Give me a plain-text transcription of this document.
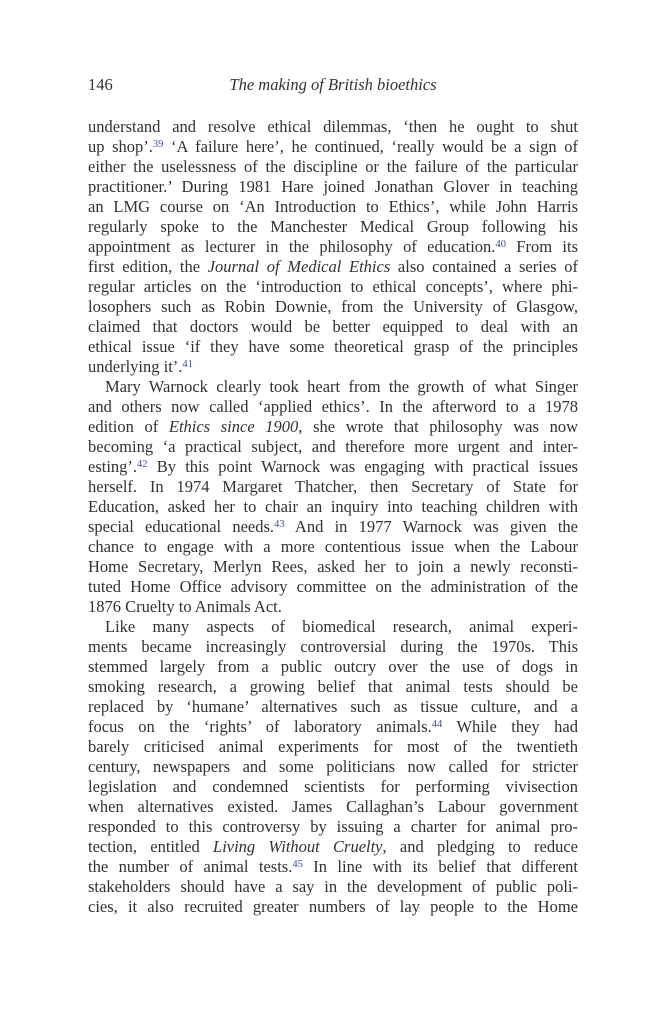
146	The making of British bioethics
understand and resolve ethical dilemmas, ‘then he ought to shut
up shop’.$^{39}$ ‘A failure here’, he continued, ‘really would be a sign of
either the uselessness of the discipline or the failure of the particular
practitioner.’ During 1981 Hare joined Jonathan Glover in teaching
an LMG course on ‘An Introduction to Ethics’, while John Harris
regularly spoke to the Manchester Medical Group following his
appointment as lecturer in the philosophy of education.$^{40}$ From its
first edition, the Journal of Medical Ethics also contained a series of
regular articles on the ‘introduction to ethical concepts’, where phi-
losophers such as Robin Downie, from the University of Glasgow,
claimed that doctors would be better equipped to deal with an
ethical issue ‘if they have some theoretical grasp of the principles
underlying it’.$^{41}$
Mary Warnock clearly took heart from the growth of what Singer
and others now called ‘applied ethics’. In the afterword to a 1978
edition of Ethics since 1900, she wrote that philosophy was now
becoming ‘a practical subject, and therefore more urgent and inter-
esting’.$^{42}$ By this point Warnock was engaging with practical issues
herself. In 1974 Margaret Thatcher, then Secretary of State for
Education, asked her to chair an inquiry into teaching children with
special educational needs.$^{43}$ And in 1977 Warnock was given the
chance to engage with a more contentious issue when the Labour
Home Secretary, Merlyn Rees, asked her to join a newly reconsti-
tuted Home Office advisory committee on the administration of the
1876 Cruelty to Animals Act.
Like many aspects of biomedical research, animal experi-
ments became increasingly controversial during the 1970s. This
stemmed largely from a public outcry over the use of dogs in
smoking research, a growing belief that animal tests should be
replaced by ‘humane’ alternatives such as tissue culture, and a
focus on the ‘rights’ of laboratory animals.$^{44}$ While they had
barely criticised animal experiments for most of the twentieth
century, newspapers and some politicians now called for stricter
legislation and condemned scientists for performing vivisection
when alternatives existed. James Callaghan’s Labour government
responded to this controversy by issuing a charter for animal pro-
tection, entitled Living Without Cruelty, and pledging to reduce
the number of animal tests.$^{45}$ In line with its belief that different
stakeholders should have a say in the development of public poli-
cies, it also recruited greater numbers of lay people to the Home
